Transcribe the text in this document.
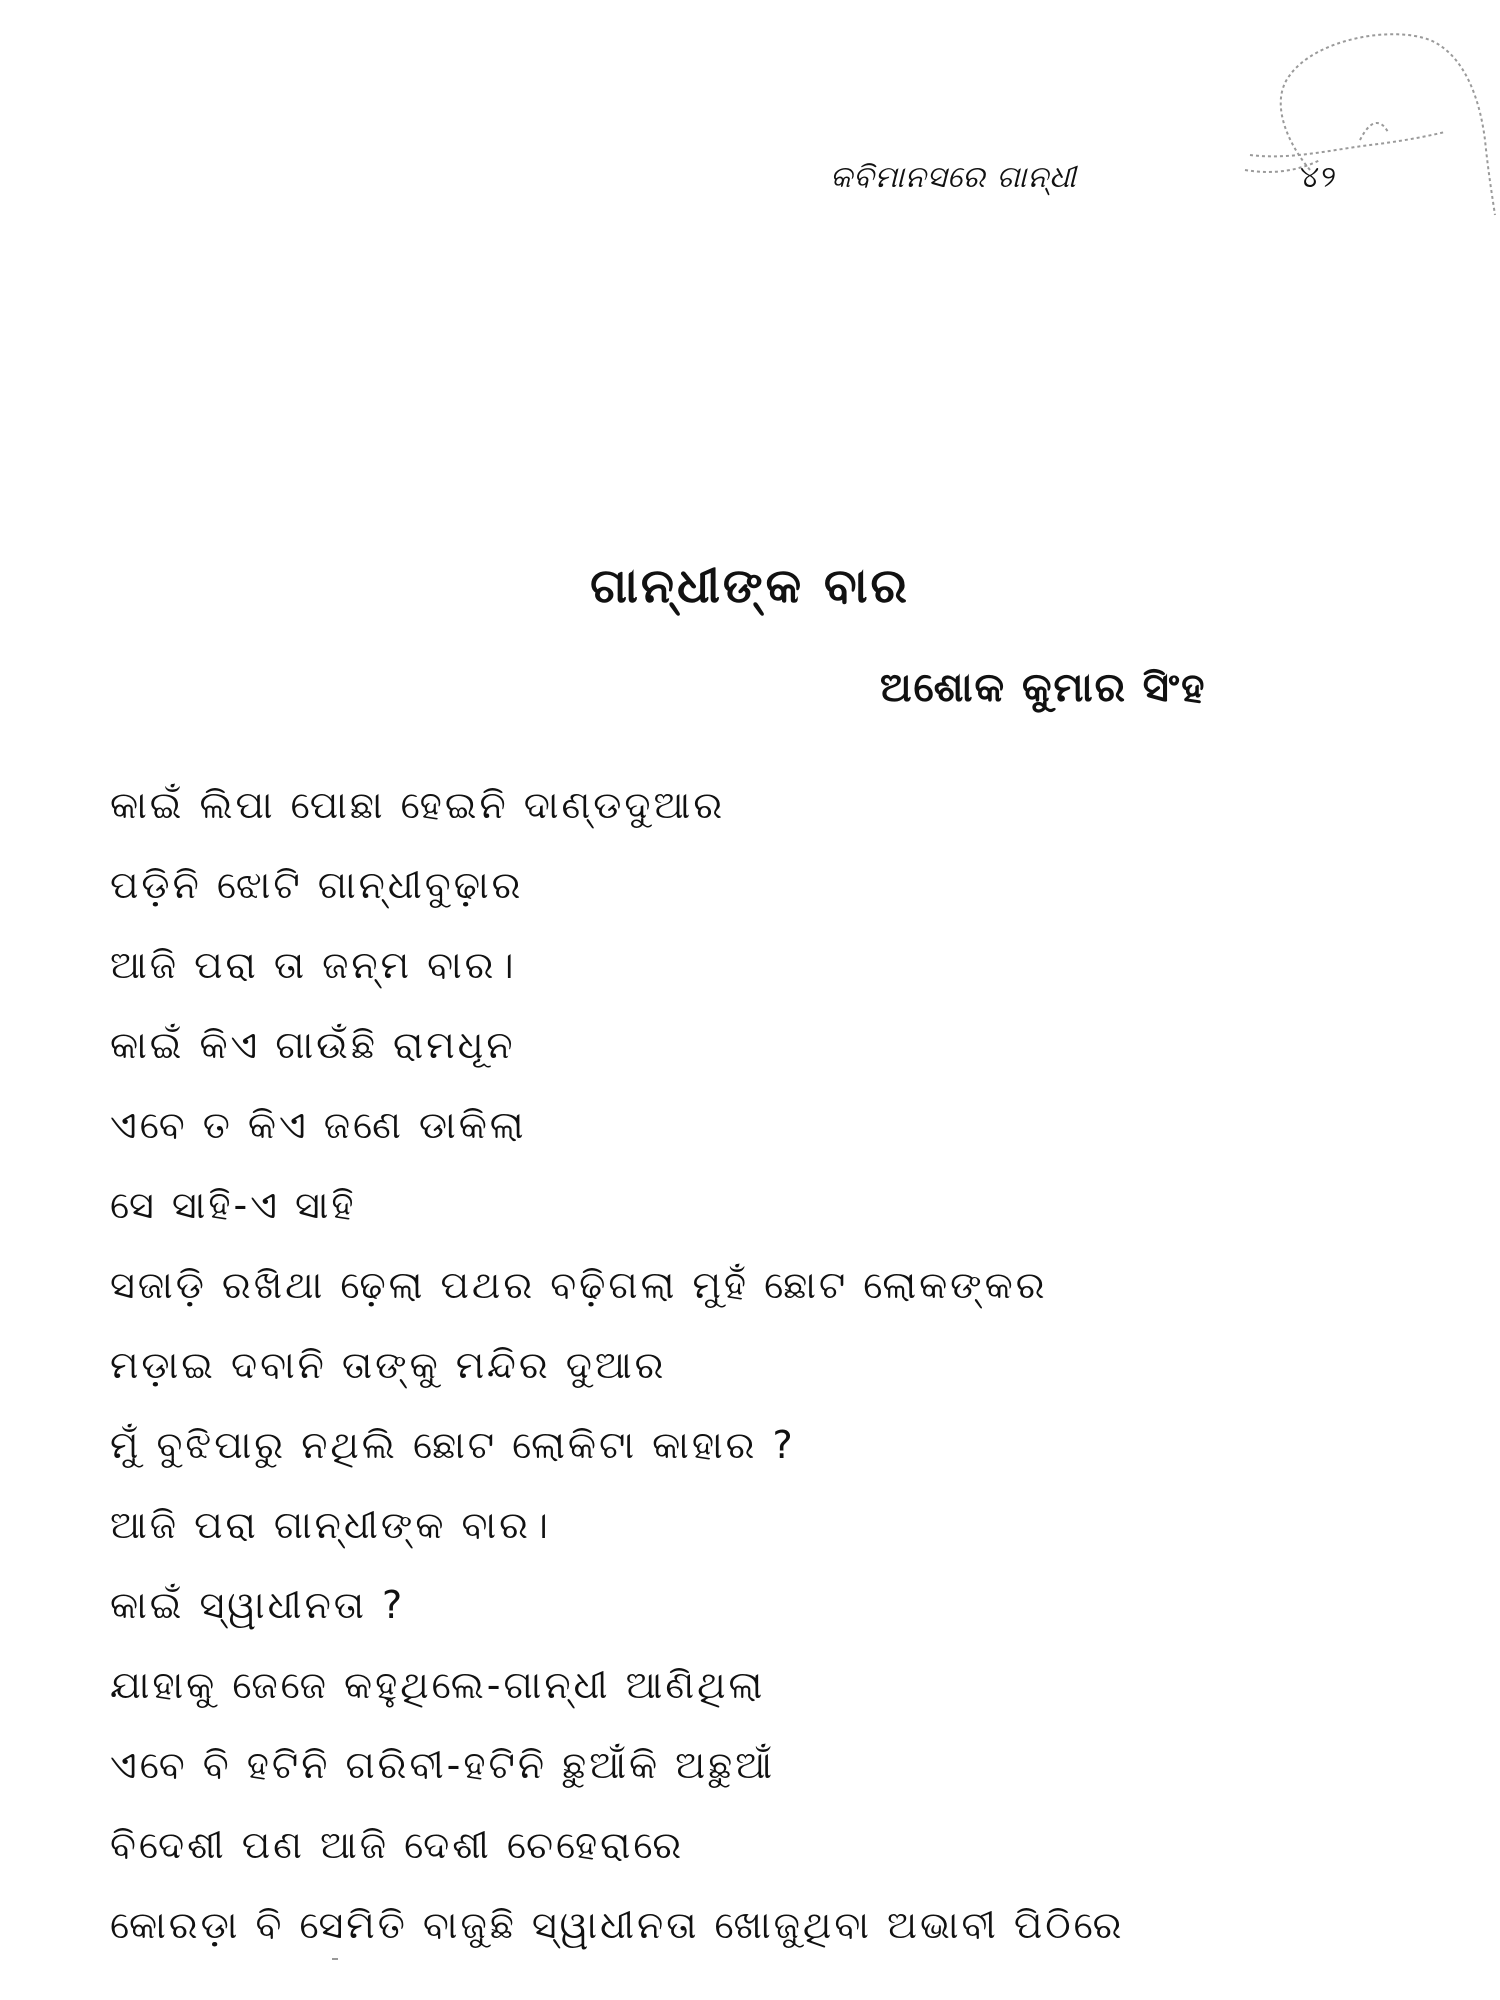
କବିମାନସରେ ଗାନ୍ଧୀ	୪୨
ଗାନ୍ଧୀଙ୍କ ବାର
ଅଶୋକ କୁମାର ସିଂହ
କାଇଁ ଲିପା ପୋଛା ହେଇନି ଦାଣ୍ଡଦୁଆର
ପଡ଼ିନି ଝୋଟି ଗାନ୍ଧୀବୁଢ଼ାର
ଆଜି ପରା ତା ଜନ୍ମ ବାର।
କାଇଁ କିଏ ଗାଉଁଛି ରାମଧୂନ
ଏବେ ତ କିଏ ଜଣେ ଡାକିଲା
ସେ ସାହି-ଏ ସାହି
ସଜାଡ଼ି ରଖିଥା ଢ଼େଲା ପଥର ବଢ଼ିଗଲା ମୁହଁ ଛୋଟ ଲୋକଙ୍କର
ମଡ଼ାଇ ଦବାନି ତାଙ୍କୁ ମନ୍ଦିର ଦୁଆର
ମୁଁ ବୁଝିପାରୁ ନଥିଲି ଛୋଟ ଲୋକିଟା କାହାର ?
ଆଜି ପରା ଗାନ୍ଧୀଙ୍କ ବାର।
କାଇଁ ସ୍ୱାଧୀନତା ?
ଯାହାକୁ ଜେଜେ କହୁଥିଲେ-ଗାନ୍ଧୀ ଆଣିଥିଲା
ଏବେ ବି ହଟିନି ଗରିବୀ-ହଟିନି ଛୁଆଁକି ଅଛୁଆଁ
ବିଦେଶୀ ପଣ ଆଜି ଦେଶୀ ଚେହେରାରେ
କୋରଡ଼ା ବି ସେମିତି ବାଜୁଛି ସ୍ୱାଧୀନତା ଖୋଜୁଥିବା ଅଭାବୀ ପିଠିରେ
